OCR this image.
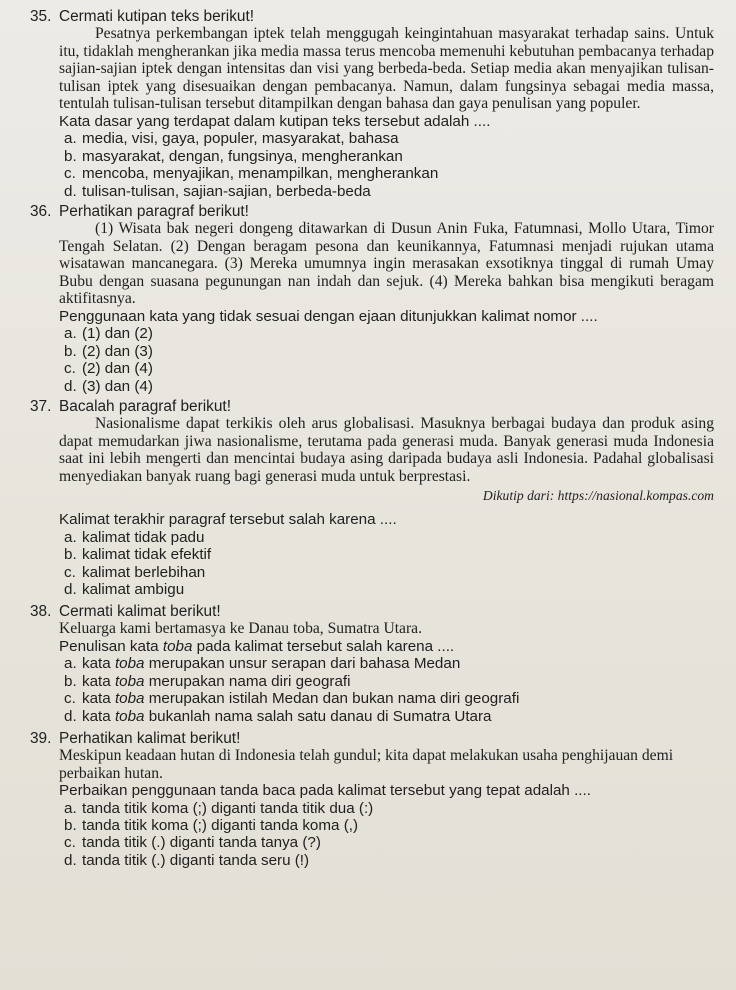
35. Cermati kutipan teks berikut!

Pesatnya perkembangan iptek telah menggugah keingintahuan masyarakat terhadap sains. Untuk itu, tidaklah mengherankan jika media massa terus mencoba memenuhi kebutuhan pembacanya terhadap sajian-sajian iptek dengan intensitas dan visi yang berbeda-beda. Setiap media akan menyajikan tulisan-tulisan iptek yang disesuaikan dengan pembacanya. Namun, dalam fungsinya sebagai media massa, tentulah tulisan-tulisan tersebut ditampilkan dengan bahasa dan gaya penulisan yang populer.

Kata dasar yang terdapat dalam kutipan teks tersebut adalah ....

a. media, visi, gaya, populer, masyarakat, bahasa
b. masyarakat, dengan, fungsinya, mengherankan
c. mencoba, menyajikan, menampilkan, mengherankan
d. tulisan-tulisan, sajian-sajian, berbeda-beda
36. Perhatikan paragraf berikut!

(1) Wisata bak negeri dongeng ditawarkan di Dusun Anin Fuka, Fatumnasi, Mollo Utara, Timor Tengah Selatan. (2) Dengan beragam pesona dan keunikannya, Fatumnasi menjadi rujukan utama wisatawan mancanegara. (3) Mereka umumnya ingin merasakan exsotiknya tinggal di rumah Umay Bubu dengan suasana pegunungan nan indah dan sejuk. (4) Mereka bahkan bisa mengikuti beragam aktifitasnya.

Penggunaan kata yang tidak sesuai dengan ejaan ditunjukkan kalimat nomor ....

a. (1) dan (2)
b. (2) dan (3)
c. (2) dan (4)
d. (3) dan (4)
37. Bacalah paragraf berikut!

Nasionalisme dapat terkikis oleh arus globalisasi. Masuknya berbagai budaya dan produk asing dapat memudarkan jiwa nasionalisme, terutama pada generasi muda. Banyak generasi muda Indonesia saat ini lebih mengerti dan mencintai budaya asing daripada budaya asli Indonesia. Padahal globalisasi menyediakan banyak ruang bagi generasi muda untuk berprestasi.

Dikutip dari: https://nasional.kompas.com

Kalimat terakhir paragraf tersebut salah karena ....

a. kalimat tidak padu
b. kalimat tidak efektif
c. kalimat berlebihan
d. kalimat ambigu
38. Cermati kalimat berikut!

Keluarga kami bertamasya ke Danau toba, Sumatra Utara.

Penulisan kata toba pada kalimat tersebut salah karena ....

a. kata toba merupakan unsur serapan dari bahasa Medan
b. kata toba merupakan nama diri geografi
c. kata toba merupakan istilah Medan dan bukan nama diri geografi
d. kata toba bukanlah nama salah satu danau di Sumatra Utara
39. Perhatikan kalimat berikut!

Meskipun keadaan hutan di Indonesia telah gundul; kita dapat melakukan usaha penghijauan demi perbaikan hutan.

Perbaikan penggunaan tanda baca pada kalimat tersebut yang tepat adalah ....

a. tanda titik koma (;) diganti tanda titik dua (:)
b. tanda titik koma (;) diganti tanda koma (,)
c. tanda titik (.) diganti tanda tanya (?)
d. tanda titik (.) diganti tanda seru (!)
